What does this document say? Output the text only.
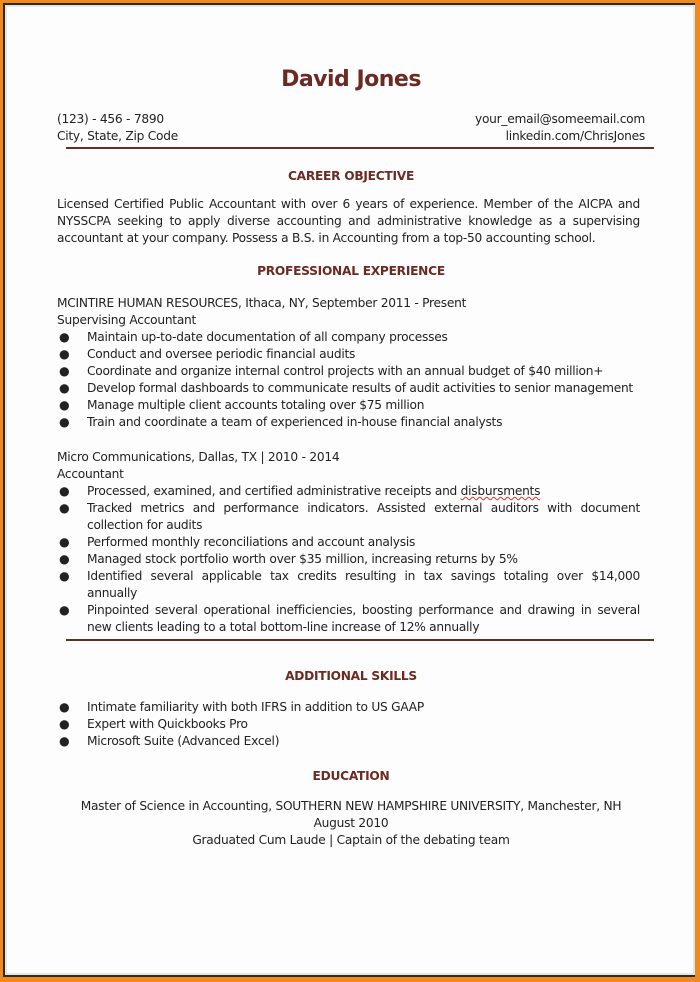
David Jones
(123) - 456 - 7890
City, State, Zip Code
your_email@someemail.com
linkedin.com/ChrisJones
CAREER OBJECTIVE
Licensed Certified Public Accountant with over 6 years of experience. Member of the AICPA and NYSSCPA seeking to apply diverse accounting and administrative knowledge as a supervising accountant at your company. Possess a B.S. in Accounting from a top-50 accounting school.
PROFESSIONAL EXPERIENCE
MCINTIRE HUMAN RESOURCES, Ithaca, NY, September 2011 - Present
Supervising Accountant
● Maintain up-to-date documentation of all company processes
● Conduct and oversee periodic financial audits
● Coordinate and organize internal control projects with an annual budget of $40 million+
● Develop formal dashboards to communicate results of audit activities to senior management
● Manage multiple client accounts totaling over $75 million
● Train and coordinate a team of experienced in-house financial analysts
Micro Communications, Dallas, TX | 2010 - 2014
Accountant
● Processed, examined, and certified administrative receipts and disbursments
● Tracked metrics and performance indicators. Assisted external auditors with document collection for audits
● Performed monthly reconciliations and account analysis
● Managed stock portfolio worth over $35 million, increasing returns by 5%
● Identified several applicable tax credits resulting in tax savings totaling over $14,000 annually
● Pinpointed several operational inefficiencies, boosting performance and drawing in several new clients leading to a total bottom-line increase of 12% annually
ADDITIONAL SKILLS
● Intimate familiarity with both IFRS in addition to US GAAP
● Expert with Quickbooks Pro
● Microsoft Suite (Advanced Excel)
EDUCATION
Master of Science in Accounting, SOUTHERN NEW HAMPSHIRE UNIVERSITY, Manchester, NH
August 2010
Graduated Cum Laude | Captain of the debating team
